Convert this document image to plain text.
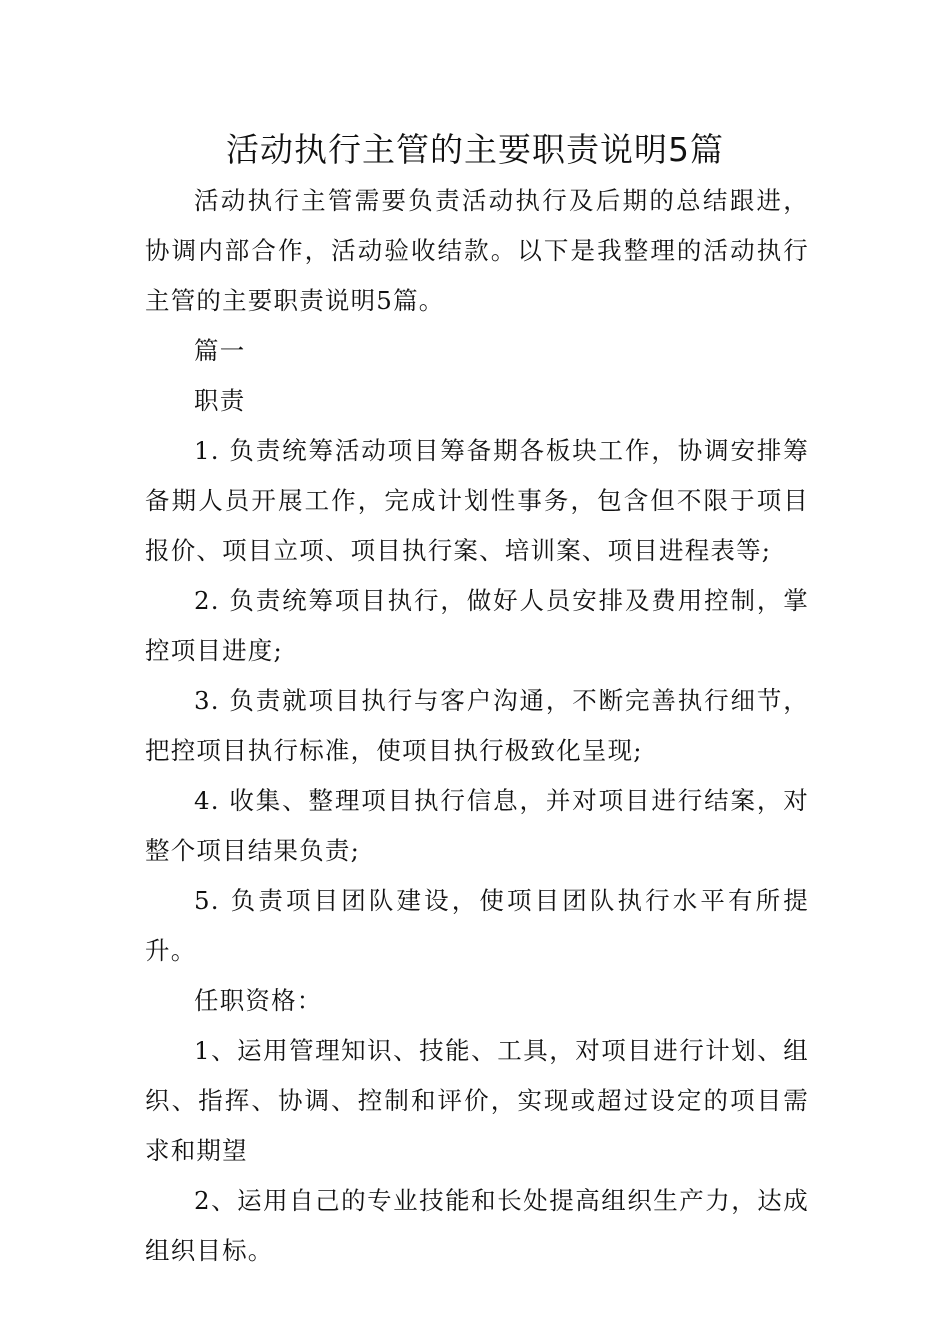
活动执行主管的主要职责说明5篇

活动执行主管需要负责活动执行及后期的总结跟进，协调内部合作，活动验收结款。以下是我整理的活动执行主管的主要职责说明5篇。

篇一

职责

1. 负责统筹活动项目筹备期各板块工作，协调安排筹备期人员开展工作，完成计划性事务，包含但不限于项目报价、项目立项、项目执行案、培训案、项目进程表等;

2. 负责统筹项目执行，做好人员安排及费用控制，掌控项目进度;

3. 负责就项目执行与客户沟通，不断完善执行细节，把控项目执行标准，使项目执行极致化呈现;

4. 收集、整理项目执行信息，并对项目进行结案，对整个项目结果负责;

5. 负责项目团队建设，使项目团队执行水平有所提升。

任职资格：

1、运用管理知识、技能、工具，对项目进行计划、组织、指挥、协调、控制和评价，实现或超过设定的项目需求和期望

2、运用自己的专业技能和长处提高组织生产力，达成组织目标。
